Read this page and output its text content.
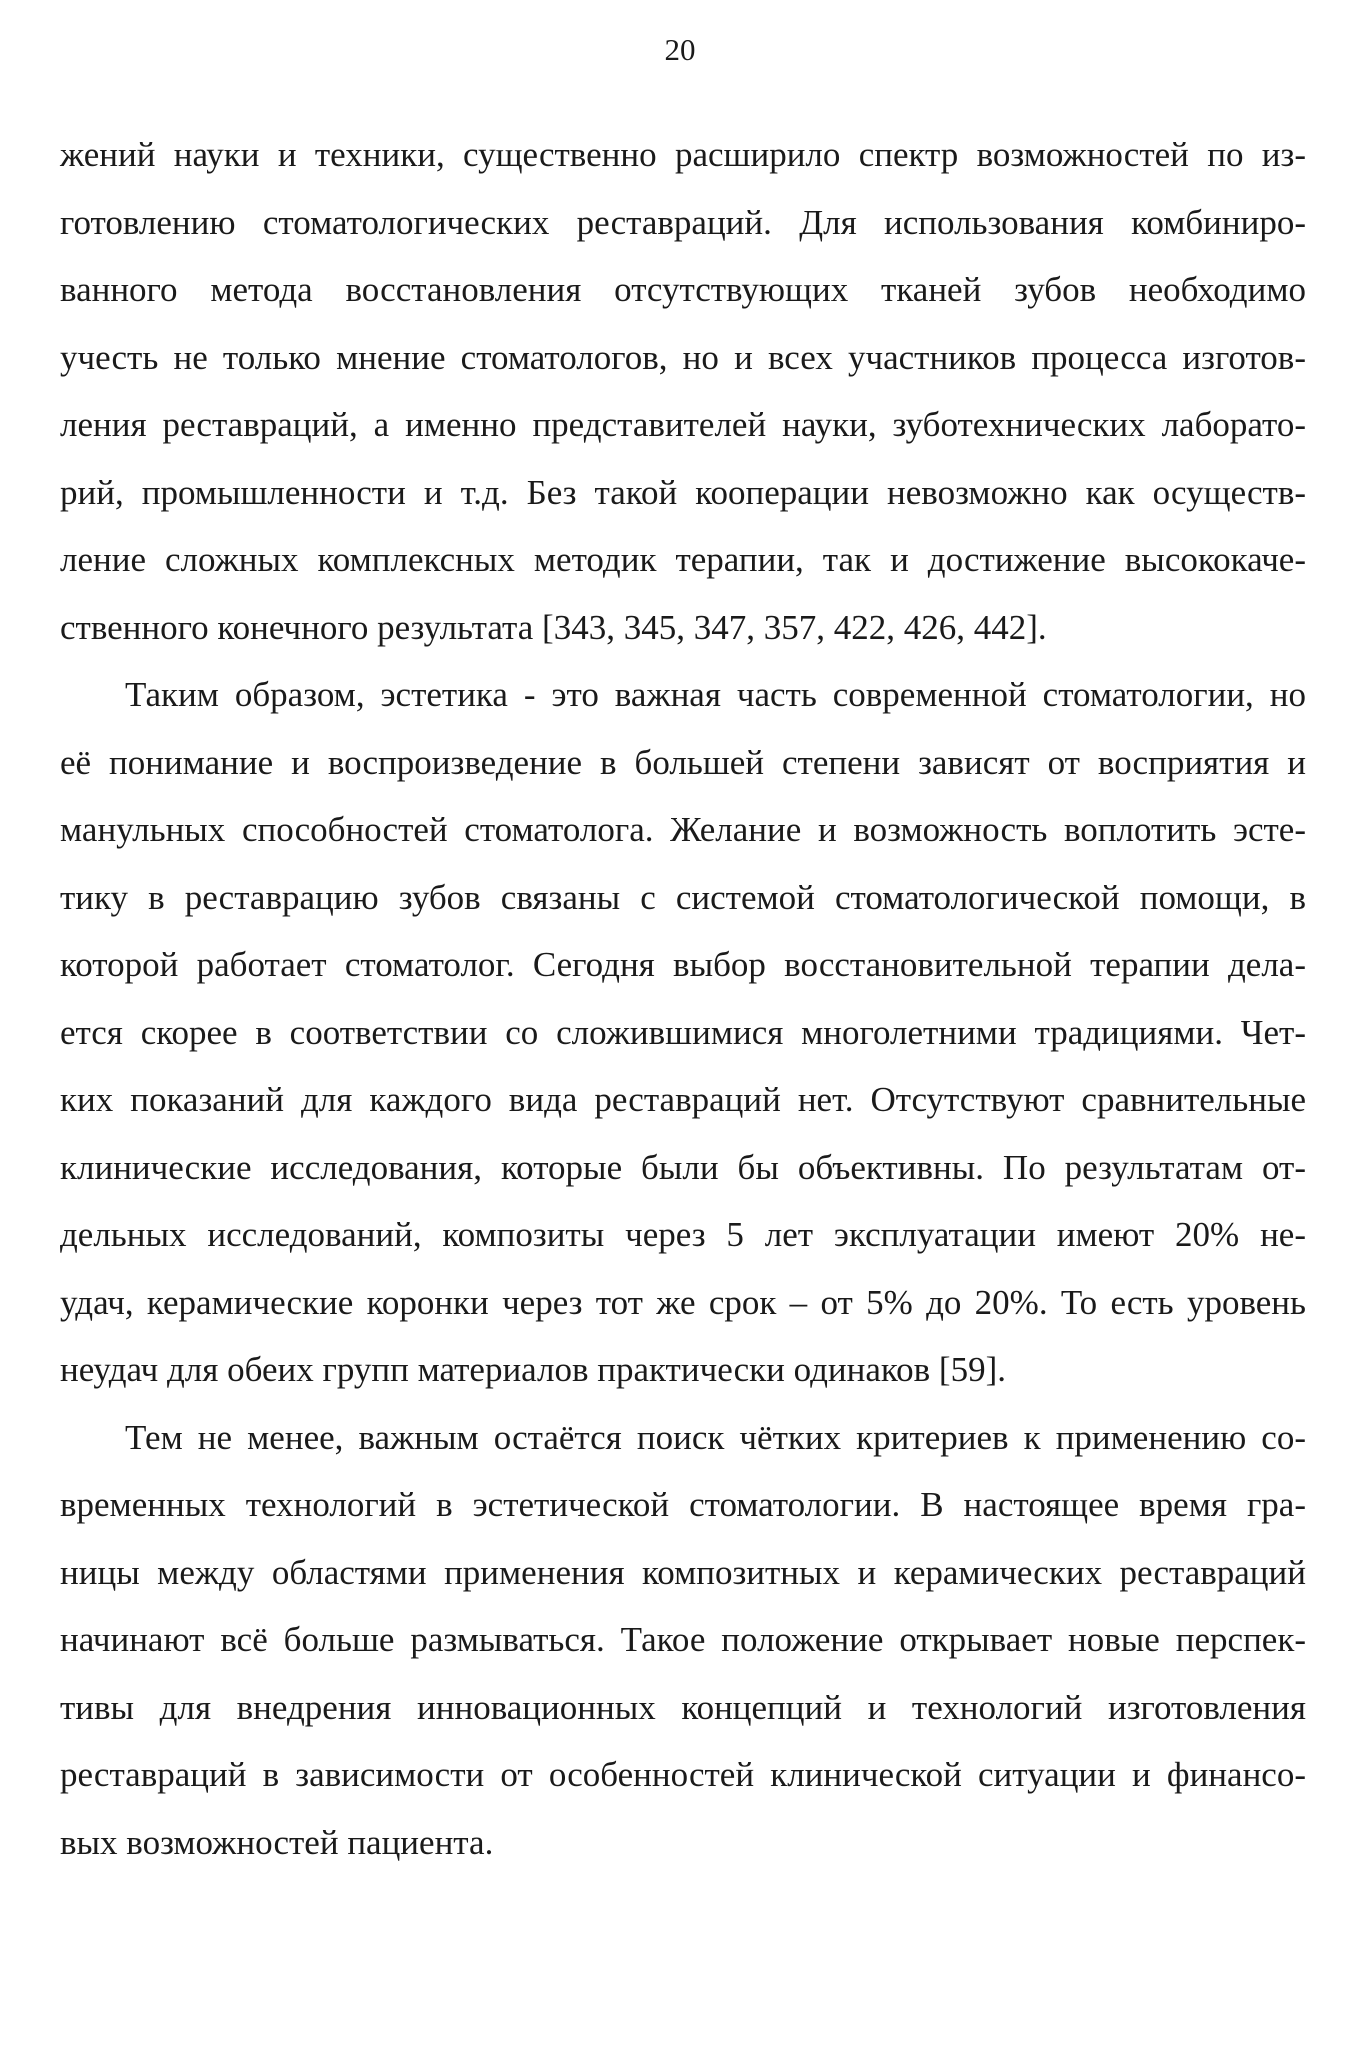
20
жений науки и техники, существенно расширило спектр возможностей по из-
готовлению стоматологических реставраций. Для использования комбиниро-
ванного метода восстановления отсутствующих тканей зубов необходимо
учесть не только мнение стоматологов, но и всех участников процесса изготов-
ления реставраций, а именно представителей науки, зуботехнических лаборато-
рий, промышленности и т.д. Без такой кооперации невозможно как осуществ-
ление сложных комплексных методик терапии, так и достижение высококаче-
ственного конечного результата [343, 345, 347, 357, 422, 426, 442].
Таким образом, эстетика - это важная часть современной стоматологии, но
её понимание и воспроизведение в большей степени зависят от восприятия и
манульных способностей стоматолога. Желание и возможность воплотить эсте-
тику в реставрацию зубов связаны с системой стоматологической помощи, в
которой работает стоматолог. Сегодня выбор восстановительной терапии дела-
ется скорее в соответствии со сложившимися многолетними традициями. Чет-
ких показаний для каждого вида реставраций нет. Отсутствуют сравнительные
клинические исследования, которые были бы объективны. По результатам от-
дельных исследований, композиты через 5 лет эксплуатации имеют 20% не-
удач, керамические коронки через тот же срок – от 5% до 20%. То есть уровень
неудач для обеих групп материалов практически одинаков [59].
Тем не менее, важным остаётся поиск чётких критериев к применению со-
временных технологий в эстетической стоматологии. В настоящее время гра-
ницы между областями применения композитных и керамических реставраций
начинают всё больше размываться. Такое положение открывает новые перспек-
тивы для внедрения инновационных концепций и технологий изготовления
реставраций в зависимости от особенностей клинической ситуации и финансо-
вых возможностей пациента.
